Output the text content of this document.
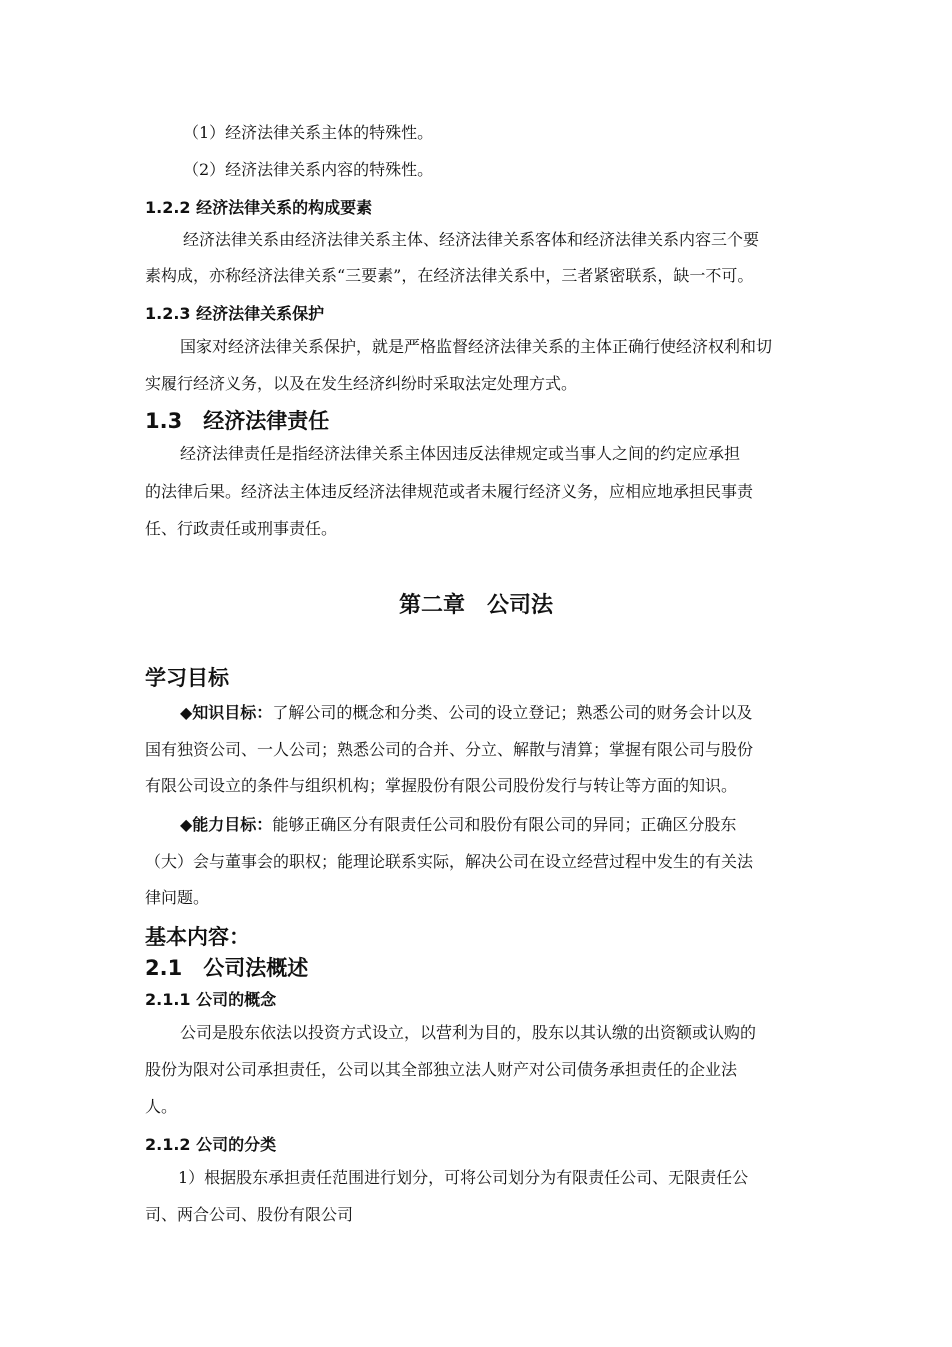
（1）经济法律关系主体的特殊性。
（2）经济法律关系内容的特殊性。
1.2.2 经济法律关系的构成要素
经济法律关系由经济法律关系主体、经济法律关系客体和经济法律关系内容三个要
素构成，亦称经济法律关系“三要素”，在经济法律关系中，三者紧密联系，缺一不可。
1.2.3 经济法律关系保护
国家对经济法律关系保护，就是严格监督经济法律关系的主体正确行使经济权利和切
实履行经济义务，以及在发生经济纠纷时采取法定处理方式。
1.3　经济法律责任
经济法律责任是指经济法律关系主体因违反法律规定或当事人之间的约定应承担
的法律后果。经济法主体违反经济法律规范或者未履行经济义务，应相应地承担民事责
任、行政责任或刑事责任。
第二章　公司法
学习目标
◆知识目标：了解公司的概念和分类、公司的设立登记；熟悉公司的财务会计以及
国有独资公司、一人公司；熟悉公司的合并、分立、解散与清算；掌握有限公司与股份
有限公司设立的条件与组织机构；掌握股份有限公司股份发行与转让等方面的知识。
◆能力目标：能够正确区分有限责任公司和股份有限公司的异同；正确区分股东
（大）会与董事会的职权；能理论联系实际，解决公司在设立经营过程中发生的有关法
律问题。
基本内容：
2.1　公司法概述
2.1.1 公司的概念
公司是股东依法以投资方式设立，以营利为目的，股东以其认缴的出资额或认购的
股份为限对公司承担责任，公司以其全部独立法人财产对公司债务承担责任的企业法
人。
2.1.2 公司的分类
1）根据股东承担责任范围进行划分，可将公司划分为有限责任公司、无限责任公
司、两合公司、股份有限公司
